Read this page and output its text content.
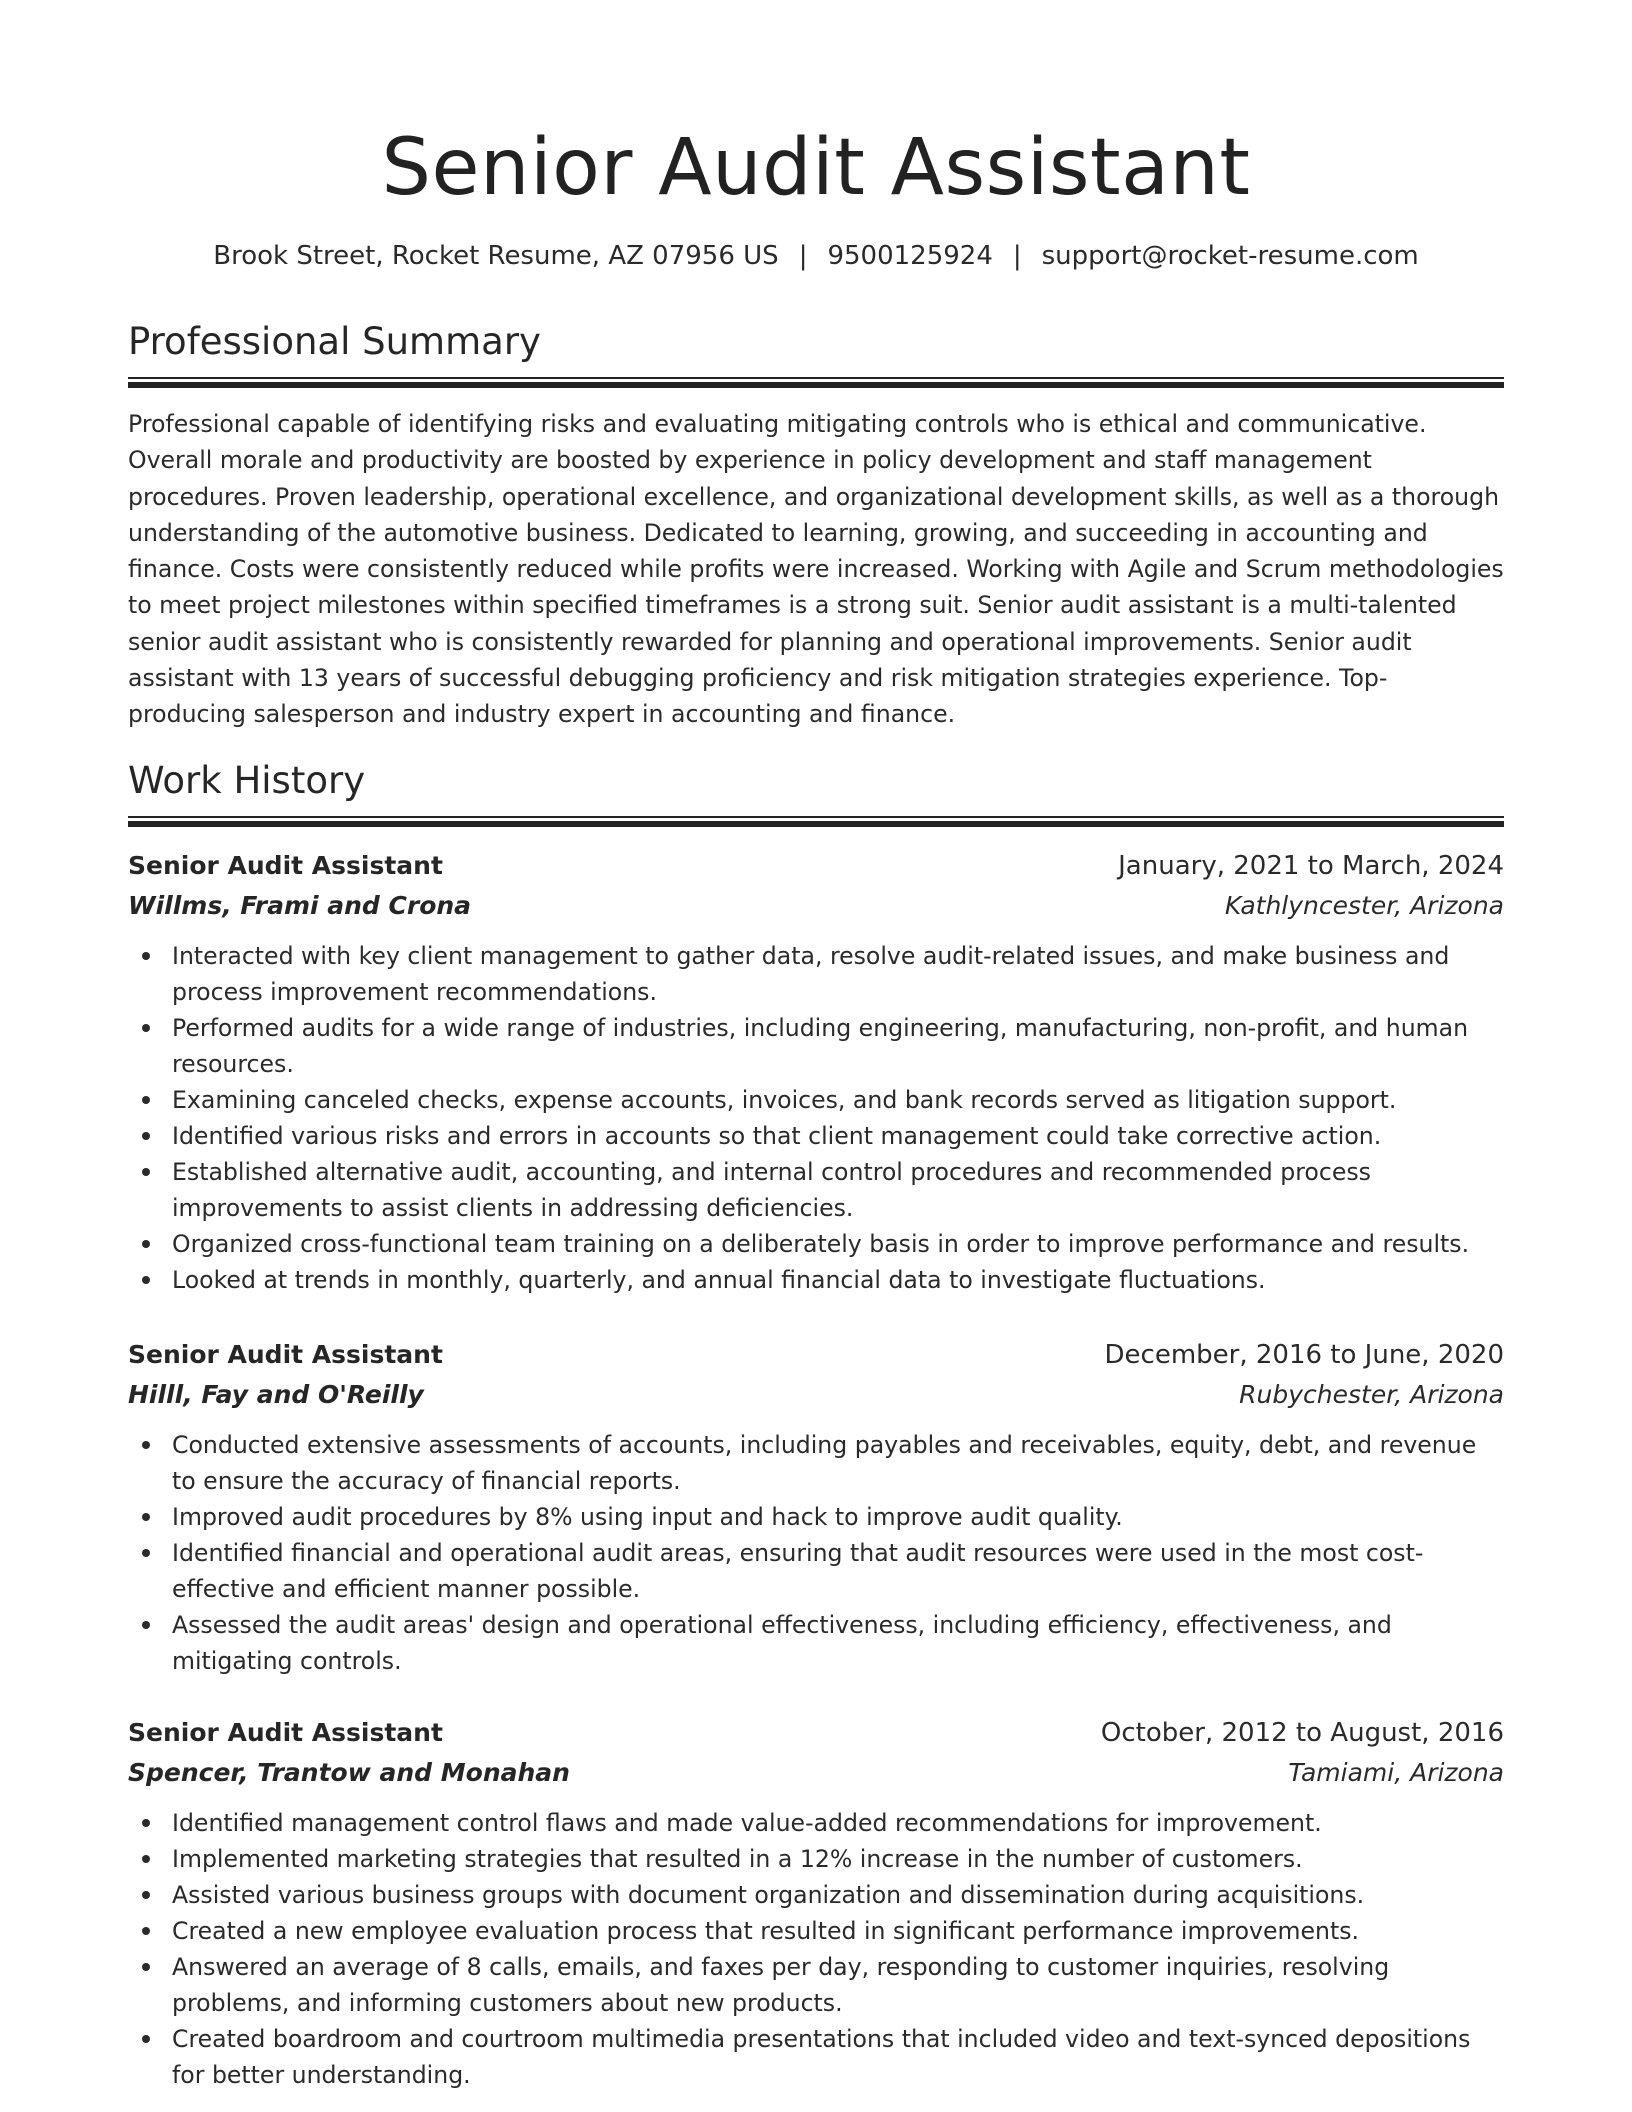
Senior Audit Assistant
Brook Street, Rocket Resume, AZ 07956 US | 9500125924 | support@rocket-resume.com
Professional Summary

Professional capable of identifying risks and evaluating mitigating controls who is ethical and communicative. Overall morale and productivity are boosted by experience in policy development and staff management procedures. Proven leadership, operational excellence, and organizational development skills, as well as a thorough understanding of the automotive business. Dedicated to learning, growing, and succeeding in accounting and finance. Costs were consistently reduced while profits were increased. Working with Agile and Scrum methodologies to meet project milestones within specified timeframes is a strong suit. Senior audit assistant is a multi-talented senior audit assistant who is consistently rewarded for planning and operational improvements. Senior audit assistant with 13 years of successful debugging proficiency and risk mitigation strategies experience. Top-producing salesperson and industry expert in accounting and finance.

Work History
Senior Audit Assistant	January, 2021 to March, 2024
Willms, Frami and Crona	Kathlyncester, Arizona
Interacted with key client management to gather data, resolve audit-related issues, and make business and process improvement recommendations.
Performed audits for a wide range of industries, including engineering, manufacturing, non-profit, and human resources.
Examining canceled checks, expense accounts, invoices, and bank records served as litigation support.
Identified various risks and errors in accounts so that client management could take corrective action.
Established alternative audit, accounting, and internal control procedures and recommended process improvements to assist clients in addressing deficiencies.
Organized cross-functional team training on a deliberately basis in order to improve performance and results.
Looked at trends in monthly, quarterly, and annual financial data to investigate fluctuations.
Senior Audit Assistant	December, 2016 to June, 2020
Hilll, Fay and O'Reilly	Rubychester, Arizona
Conducted extensive assessments of accounts, including payables and receivables, equity, debt, and revenue to ensure the accuracy of financial reports.
Improved audit procedures by 8% using input and hack to improve audit quality.
Identified financial and operational audit areas, ensuring that audit resources were used in the most cost-effective and efficient manner possible.
Assessed the audit areas' design and operational effectiveness, including efficiency, effectiveness, and mitigating controls.
Senior Audit Assistant	October, 2012 to August, 2016
Spencer, Trantow and Monahan	Tamiami, Arizona
Identified management control flaws and made value-added recommendations for improvement.
Implemented marketing strategies that resulted in a 12% increase in the number of customers.
Assisted various business groups with document organization and dissemination during acquisitions.
Created a new employee evaluation process that resulted in significant performance improvements.
Answered an average of 8 calls, emails, and faxes per day, responding to customer inquiries, resolving problems, and informing customers about new products.
Created boardroom and courtroom multimedia presentations that included video and text-synced depositions for better understanding.
